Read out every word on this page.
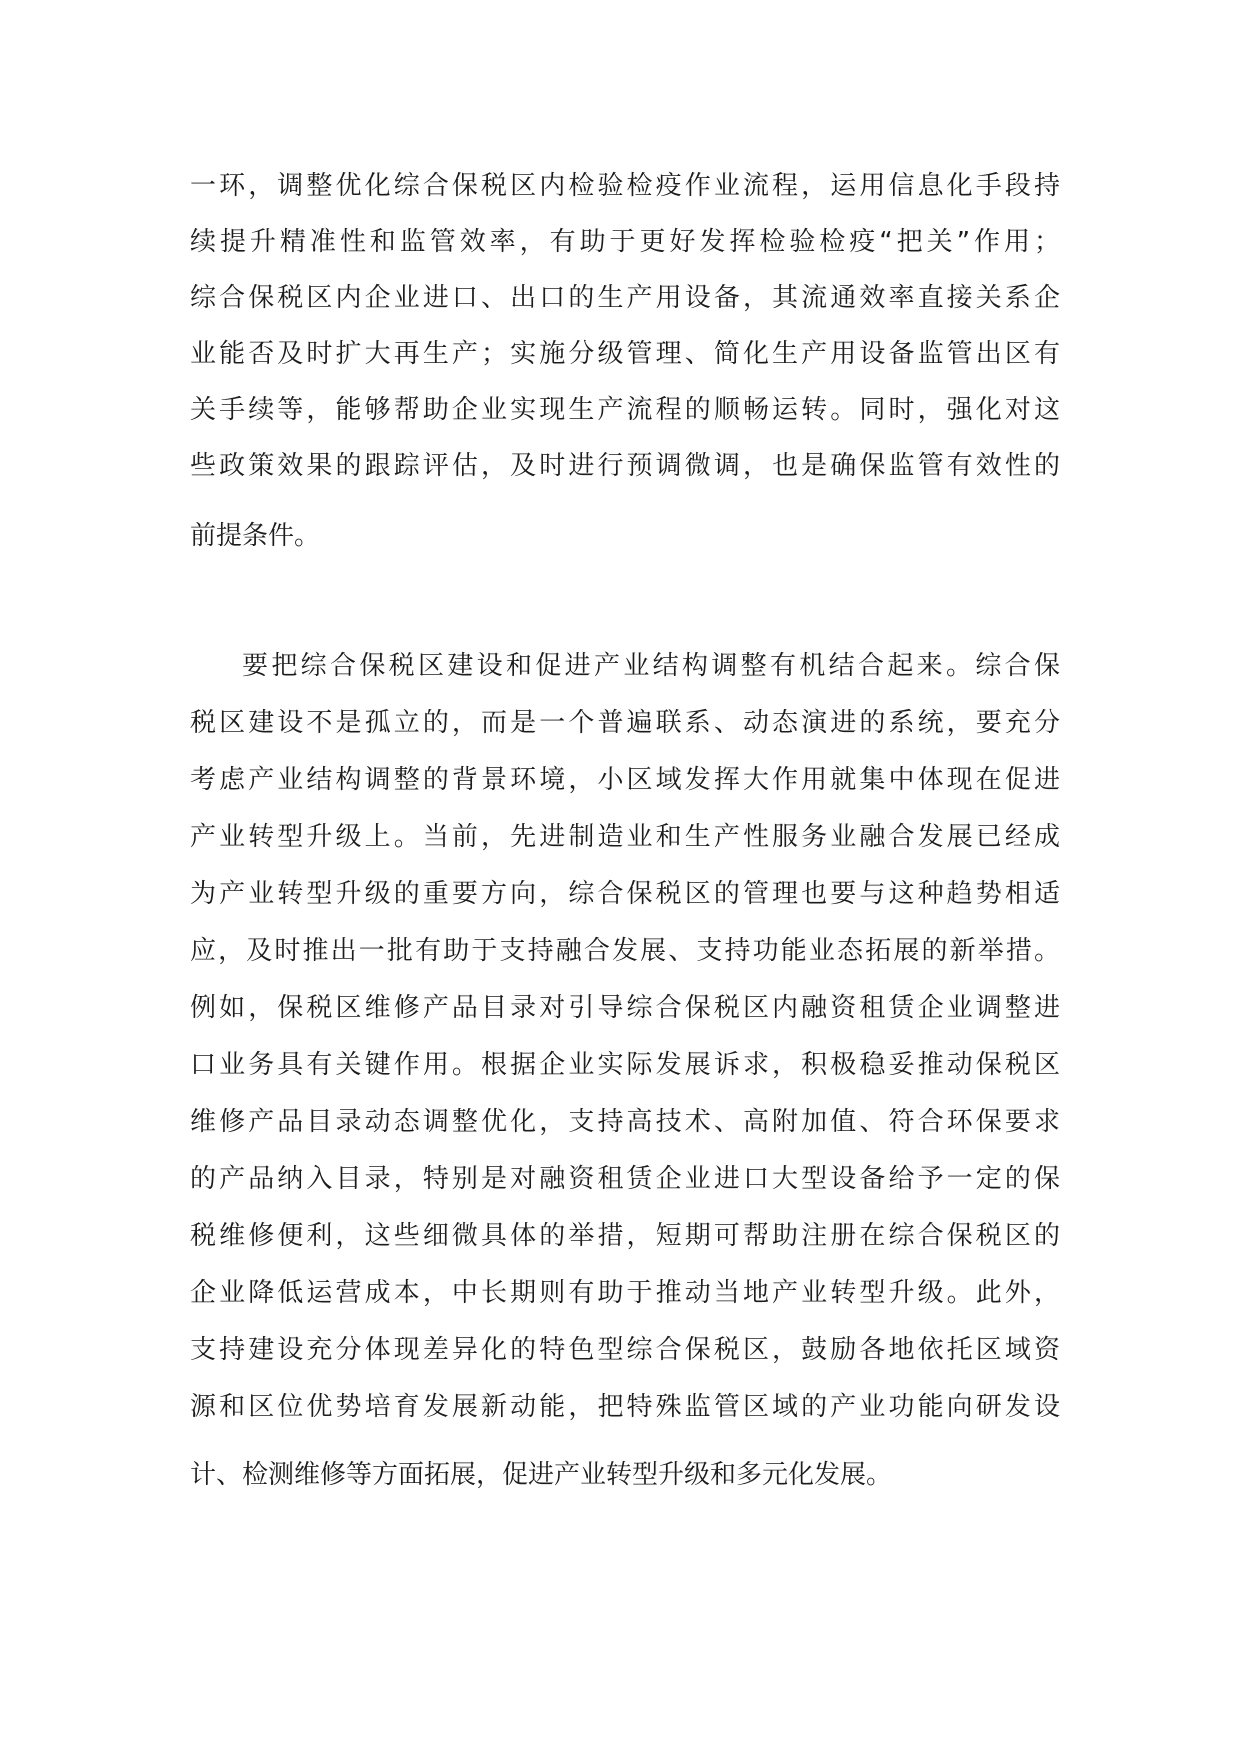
一环，调整优化综合保税区内检验检疫作业流程，运用信息化手段持
续提升精准性和监管效率，有助于更好发挥检验检疫“把关”作用；
综合保税区内企业进口、出口的生产用设备，其流通效率直接关系企
业能否及时扩大再生产；实施分级管理、简化生产用设备监管出区有
关手续等，能够帮助企业实现生产流程的顺畅运转。同时，强化对这
些政策效果的跟踪评估，及时进行预调微调，也是确保监管有效性的
前提条件。
要把综合保税区建设和促进产业结构调整有机结合起来。综合保
税区建设不是孤立的，而是一个普遍联系、动态演进的系统，要充分
考虑产业结构调整的背景环境，小区域发挥大作用就集中体现在促进
产业转型升级上。当前，先进制造业和生产性服务业融合发展已经成
为产业转型升级的重要方向，综合保税区的管理也要与这种趋势相适
应，及时推出一批有助于支持融合发展、支持功能业态拓展的新举措。
例如，保税区维修产品目录对引导综合保税区内融资租赁企业调整进
口业务具有关键作用。根据企业实际发展诉求，积极稳妥推动保税区
维修产品目录动态调整优化，支持高技术、高附加值、符合环保要求
的产品纳入目录，特别是对融资租赁企业进口大型设备给予一定的保
税维修便利，这些细微具体的举措，短期可帮助注册在综合保税区的
企业降低运营成本，中长期则有助于推动当地产业转型升级。此外，
支持建设充分体现差异化的特色型综合保税区，鼓励各地依托区域资
源和区位优势培育发展新动能，把特殊监管区域的产业功能向研发设
计、检测维修等方面拓展，促进产业转型升级和多元化发展。
